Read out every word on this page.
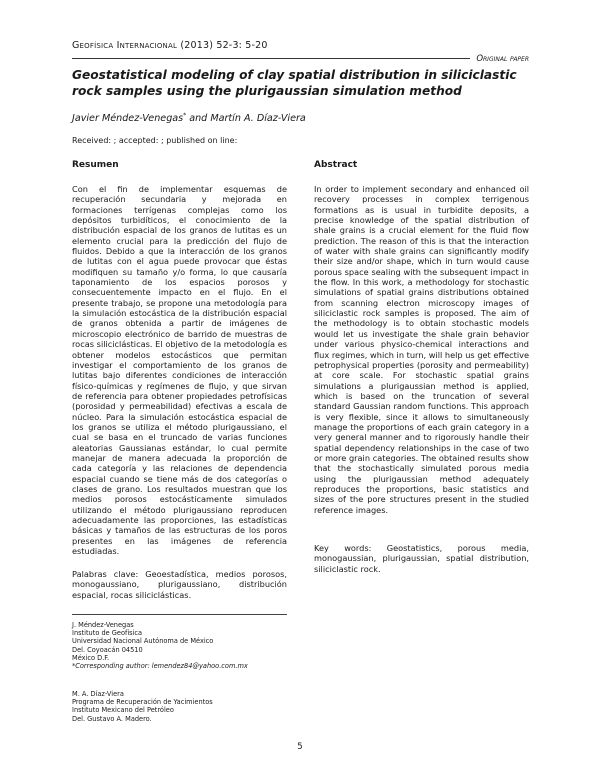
Geofísica Internacional (2013) 52-3: 5-20
Original paper
Geostatistical modeling of clay spatial distribution in siliciclastic rock samples using the plurigaussian simulation method
Javier Méndez-Venegas* and Martín A. Díaz-Viera
Received: ; accepted: ; published on line:
Resumen	Abstract

Con el fin de implementar esquemas de recuperación secundaria y mejorada en formaciones terrígenas complejas como los depósitos turbidíticos, el conocimiento de la distribución espacial de los granos de lutitas es un elemento crucial para la predicción del flujo de fluidos. Debido a que la interacción de los granos de lutitas con el agua puede provocar que éstas modifiquen su tamaño y/o forma, lo que causaría taponamiento de los espacios porosos y consecuentemente impacto en el flujo. En el presente trabajo, se propone una metodología para la simulación estocástica de la distribución espacial de granos obtenida a partir de imágenes de microscopio electrónico de barrido de muestras de rocas siliciclásticas. El objetivo de la metodología es obtener modelos estocásticos que permitan investigar el comportamiento de los granos de lutitas bajo diferentes condiciones de interacción físico-químicas y regímenes de flujo, y que sirvan de referencia para obtener propiedades petrofísicas (porosidad y permeabilidad) efectivas a escala de núcleo. Para la simulación estocástica espacial de los granos se utiliza el método plurigaussiano, el cual se basa en el truncado de varias funciones aleatorias Gaussianas estándar, lo cual permite manejar de manera adecuada la proporción de cada categoría y las relaciones de dependencia espacial cuando se tiene más de dos categorías o clases de grano. Los resultados muestran que los medios porosos estocásticamente simulados utilizando el método plurigaussiano reproducen adecuadamente las proporciones, las estadísticas básicas y tamaños de las estructuras de los poros presentes en las imágenes de referencia estudiadas.

Palabras clave: Geoestadística, medios porosos, monogaussiano, plurigaussiano, distribución espacial, rocas siliciclásticas.

In order to implement secondary and enhanced oil recovery processes in complex terrigenous formations as is usual in turbidite deposits, a precise knowledge of the spatial distribution of shale grains is a crucial element for the fluid flow prediction. The reason of this is that the interaction of water with shale grains can significantly modify their size and/or shape, which in turn would cause porous space sealing with the subsequent impact in the flow. In this work, a methodology for stochastic simulations of spatial grains distributions obtained from scanning electron microscopy images of siliciclastic rock samples is proposed. The aim of the methodology is to obtain stochastic models would let us investigate the shale grain behavior under various physico-chemical interactions and flux regimes, which in turn, will help us get effective petrophysical properties (porosity and permeability) at core scale. For stochastic spatial grains simulations a plurigaussian method is applied, which is based on the truncation of several standard Gaussian random functions. This approach is very flexible, since it allows to simultaneously manage the proportions of each grain category in a very general manner and to rigorously handle their spatial dependency relationships in the case of two or more grain categories. The obtained results show that the stochastically simulated porous media using the plurigaussian method adequately reproduces the proportions, basic statistics and sizes of the pore structures present in the studied reference images.

Key words: Geostatistics, porous media, monogaussian, plurigaussian, spatial distribution, siliciclastic rock.
J. Méndez-Venegas
Instituto de Geofísica
Universidad Nacional Autónoma de México
Del. Coyoacán 04510
México D.F.
*Corresponding author: lemendez84@yahoo.com.mx
M. A. Díaz-Viera
Programa de Recuperación de Yacimientos
Instituto Mexicano del Petróleo
Del. Gustavo A. Madero.
5
